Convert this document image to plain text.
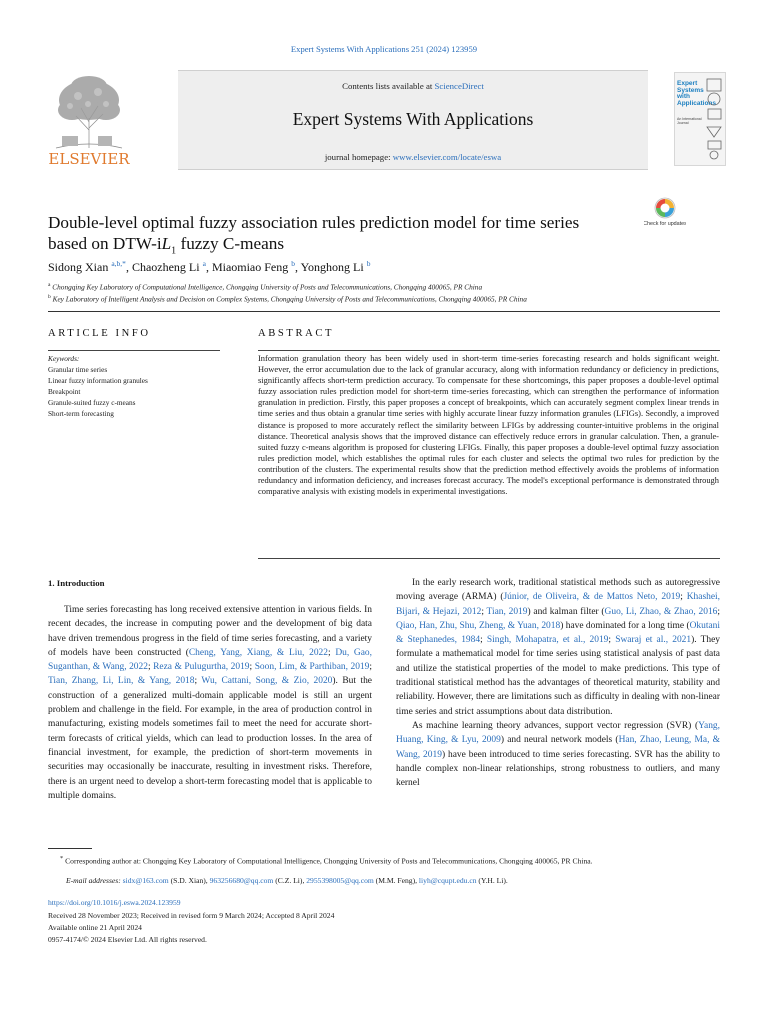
Expert Systems With Applications 251 (2024) 123959
ELSEVIER
Contents lists available at ScienceDirect
Expert Systems With Applications
journal homepage: www.elsevier.com/locate/eswa
Expert Systems with Applications
An International Journal
Check for updates
Double-level optimal fuzzy association rules prediction model for time series
based on DTW-$iL_1$ fuzzy C-means
Sidong Xian $^{a,b,*}$, Chaozheng Li $^a$, Miaomiao Feng $^b$, Yonghong Li $^b$
$^a$ Chongqing Key Laboratory of Computational Intelligence, Chongqing University of Posts and Telecommunications, Chongqing 400065, PR China
$^b$ Key Laboratory of Intelligent Analysis and Decision on Complex Systems, Chongqing University of Posts and Telecommunications, Chongqing 400065, PR China
ARTICLE INFO
Keywords:
Granular time series
Linear fuzzy information granules
Breakpoint
Granule-suited fuzzy c-means
Short-term forecasting
ABSTRACT
Information granulation theory has been widely used in short-term time-series forecasting research and holds significant weight. However, the error accumulation due to the lack of granular accuracy, along with information redundancy or deficiency in predictions, significantly affects short-term prediction accuracy. To compensate for these shortcomings, this paper proposes a double-level optimal fuzzy association rules prediction model for short-term time-series forecasting, which can strengthen the performance of information granulation in prediction. Firstly, this paper proposes a concept of breakpoints, which can accurately segment complex linear trends in time series and thus obtain a granular time series with highly accurate linear fuzzy information granules (LFIGs). Secondly, a improved distance is proposed to more accurately reflect the similarity between LFIGs by addressing counter-intuitive problems in the original distance. Theoretical analysis shows that the improved distance can effectively reduce errors in granular calculation. Then, a granule-suited fuzzy c-means algorithm is proposed for clustering LFIGs. Finally, this paper proposes a double-level optimal fuzzy association rules prediction model, which establishes the optimal rules for each cluster and selects the optimal two rules for prediction by the contribution of the clusters. The experimental results show that the prediction method effectively avoids the problems of information redundancy and information deficiency, and increases forecast accuracy. The model's exceptional performance is demonstrated through comparative analysis with existing models in experimental investigations.
1. Introduction

Time series forecasting has long received extensive attention in various fields. In recent decades, the increase in computing power and the development of big data have driven tremendous progress in the field of time series forecasting, and a variety of models have been constructed (Cheng, Yang, Xiang, & Liu, 2022; Du, Gao, Suganthan, & Wang, 2022; Reza & Pulugurtha, 2019; Soon, Lim, & Parthiban, 2019; Tian, Zhang, Li, Lin, & Yang, 2018; Wu, Cattani, Song, & Zio, 2020). But the construction of a generalized multi-domain applicable model is still an urgent problem and challenge in the field. For example, in the area of production control in manufacturing, existing models sometimes fail to meet the need for accurate short-term forecasts of critical yields, which can lead to production losses. In the area of financial investment, for example, the prediction of short-term movements in securities may occasionally be inaccurate, resulting in investment risks. Therefore, there is an urgent need to develop a short-term forecasting model that is applicable to multiple domains.

In the early research work, traditional statistical methods such as autoregressive moving average (ARMA) (Júnior, de Oliveira, & de Mattos Neto, 2019; Khashei, Bijari, & Hejazi, 2012; Tian, 2019) and kalman filter (Guo, Li, Zhao, & Zhao, 2016; Qiao, Han, Zhu, Shu, Zheng, & Yuan, 2018) have dominated for a long time (Okutani & Stephanedes, 1984; Singh, Mohapatra, et al., 2019; Swaraj et al., 2021). They formulate a mathematical model for time series using statistical analysis of past data and utilize the statistical properties of the model to make predictions. This type of traditional statistical method has the advantages of theoretical maturity, stability and reliability. However, there are limitations such as difficulty in dealing with non-linear time series and strict assumptions about data distribution.

As machine learning theory advances, support vector regression (SVR) (Yang, Huang, King, & Lyu, 2009) and neural network models (Han, Zhao, Leung, Ma, & Wang, 2019) have been introduced to time series forecasting. SVR has the ability to handle complex non-linear relationships, strong robustness to outliers, and many kernel

* Corresponding author at: Chongqing Key Laboratory of Computational Intelligence, Chongqing University of Posts and Telecommunications, Chongqing 400065, PR China.
E-mail addresses: sidx@163.com (S.D. Xian), 963256680@qq.com (C.Z. Li), 2955398005@qq.com (M.M. Feng), liyh@cqupt.edu.cn (Y.H. Li).
https://doi.org/10.1016/j.eswa.2024.123959
Received 28 November 2023; Received in revised form 9 March 2024; Accepted 8 April 2024
Available online 21 April 2024
0957-4174/© 2024 Elsevier Ltd. All rights reserved.
